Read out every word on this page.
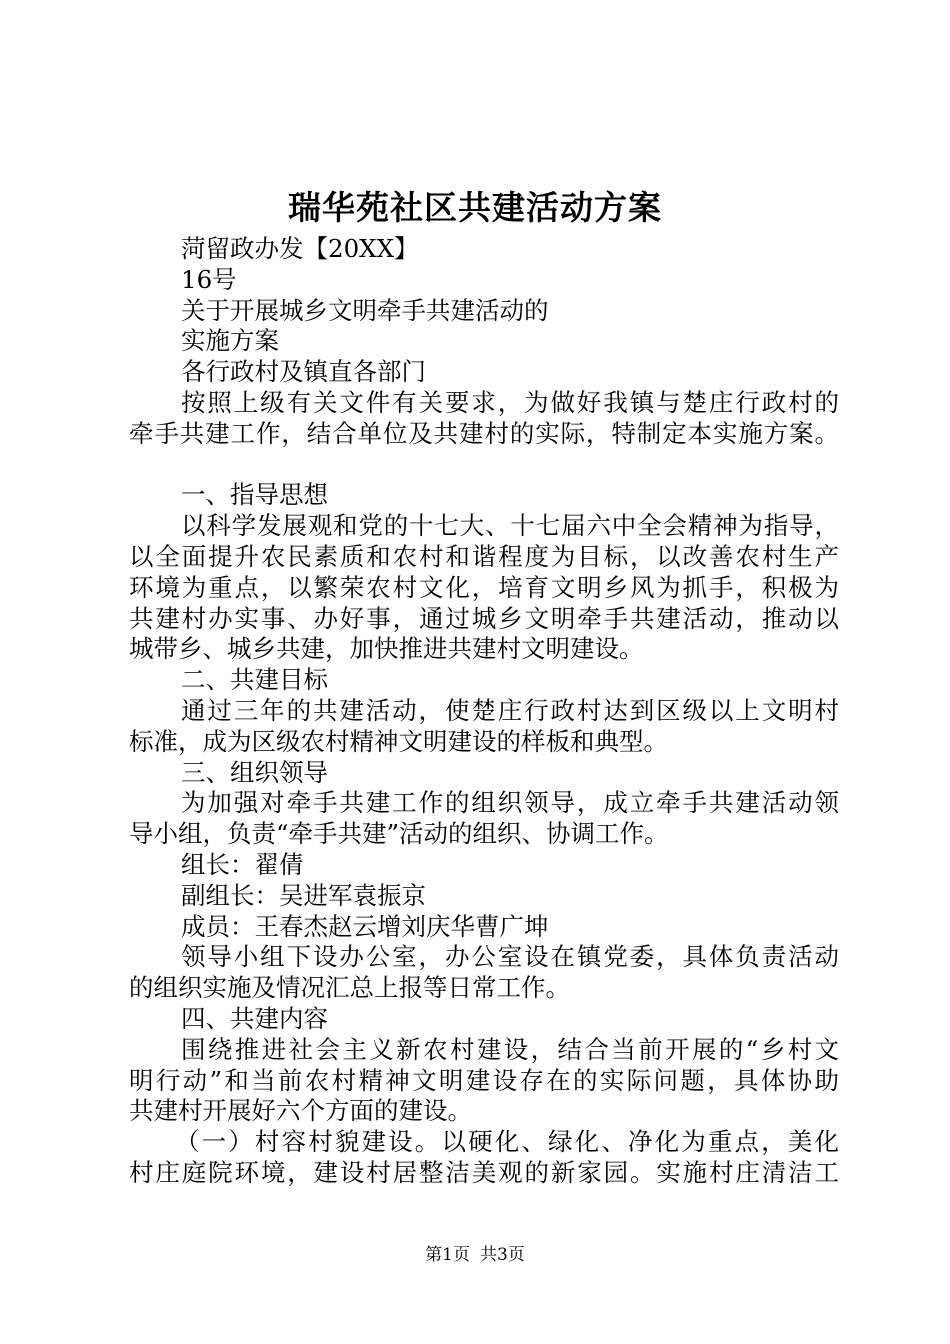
瑞华苑社区共建活动方案
菏留政办发【20XX】
16号
关于开展城乡文明牵手共建活动的
实施方案
各行政村及镇直各部门
按照上级有关文件有关要求，为做好我镇与楚庄行政村的
牵手共建工作，结合单位及共建村的实际，特制定本实施方案。
一、指导思想
以科学发展观和党的十七大、十七届六中全会精神为指导，
以全面提升农民素质和农村和谐程度为目标，以改善农村生产
环境为重点，以繁荣农村文化，培育文明乡风为抓手，积极为
共建村办实事、办好事，通过城乡文明牵手共建活动，推动以
城带乡、城乡共建，加快推进共建村文明建设。
二、共建目标
通过三年的共建活动，使楚庄行政村达到区级以上文明村
标准，成为区级农村精神文明建设的样板和典型。
三、组织领导
为加强对牵手共建工作的组织领导，成立牵手共建活动领
导小组，负责“牵手共建”活动的组织、协调工作。
组长：翟倩
副组长：吴进军袁振京
成员：王春杰赵云增刘庆华曹广坤
领导小组下设办公室，办公室设在镇党委，具体负责活动
的组织实施及情况汇总上报等日常工作。
四、共建内容
围绕推进社会主义新农村建设，结合当前开展的“乡村文
明行动”和当前农村精神文明建设存在的实际问题，具体协助
共建村开展好六个方面的建设。
（一）村容村貌建设。以硬化、绿化、净化为重点，美化
村庄庭院环境，建设村居整洁美观的新家园。实施村庄清洁工
第1页 共3页
